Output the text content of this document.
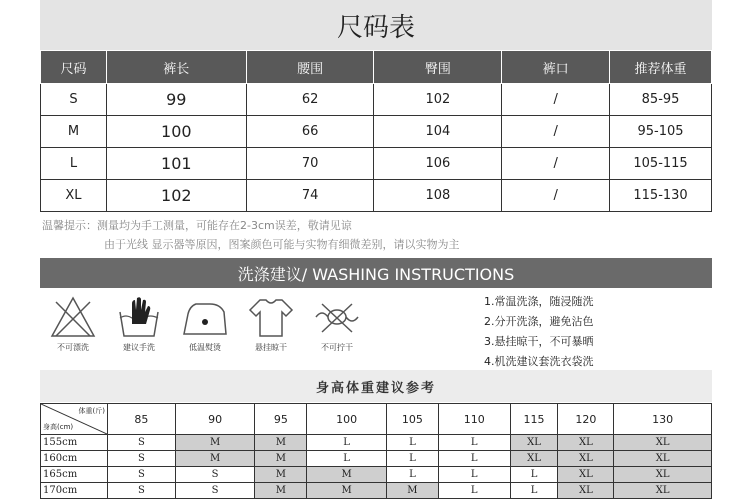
尺码表
尺码	裤长	腰围	臀围	裤口	推荐体重
S	99	62	102	/	85-95
M	100	66	104	/	95-105
L	101	70	106	/	105-115
XL	102	74	108	/	115-130
温馨提示：测量均为手工测量，可能存在2-3cm误差，敬请见谅
由于光线 显示器等原因，图案颜色可能与实物有细微差别，请以实物为主
洗涤建议/ WASHING INSTRUCTIONS
不可漂洗	建议手洗	低温熨烫	悬挂晾干	不可拧干
1.常温洗涤，随浸随洗
2.分开洗涤，避免沾色
3.悬挂晾干，不可暴晒
4.机洗建议套洗衣袋洗
身高体重建议参考
体重(斤)
身高(cm)	85	90	95	100	105	110	115	120	130
155cm	S	M	M	L	L	L	XL	XL	XL
160cm	S	M	M	L	L	L	XL	XL	XL
165cm	S	S	M	M	L	L	L	XL	XL
170cm	S	S	M	M	M	L	L	XL	XL
